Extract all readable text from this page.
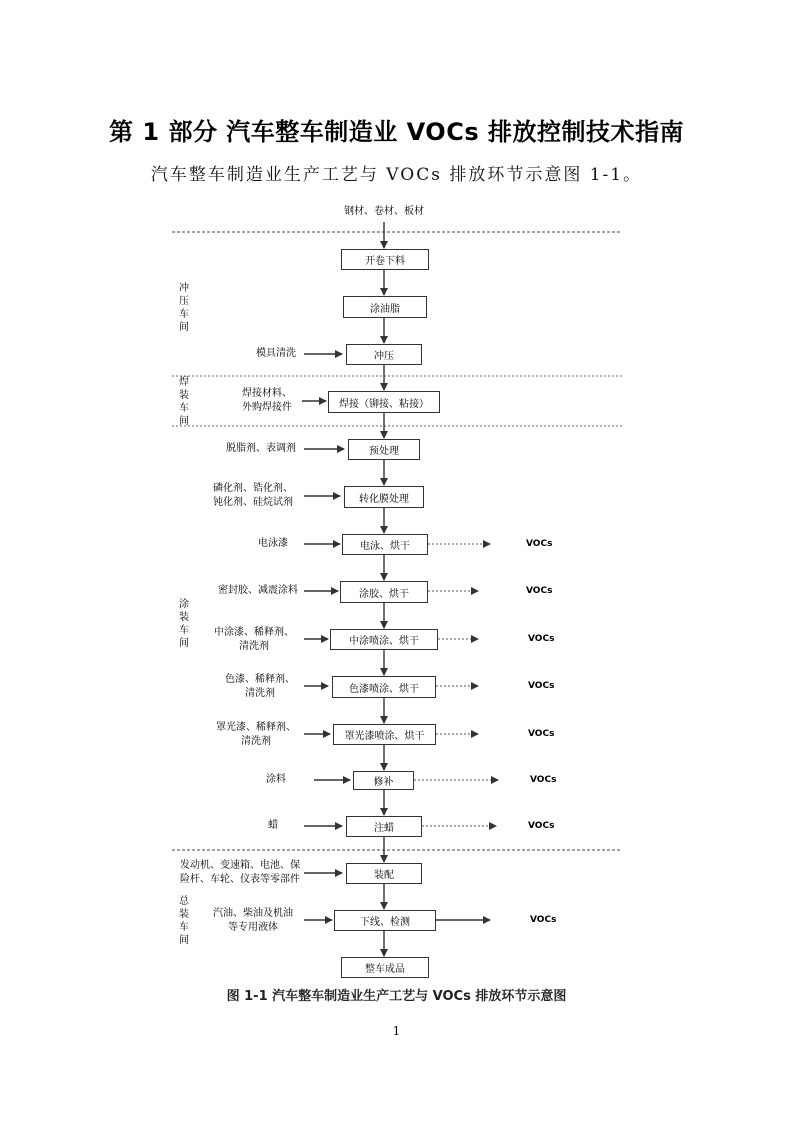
第 1 部分 汽车整车制造业 VOCs 排放控制技术指南
汽车整车制造业生产工艺与 VOCs 排放环节示意图 1-1。
钢材、卷材、板材
开卷下料
涂油脂
冲压
焊接（铆接、粘接）
预处理
转化膜处理
电泳、烘干
涂胶、烘干
中涂喷涂、烘干
色漆喷涂、烘干
罩光漆喷涂、烘干
修补
注蜡
装配
下线、检测
整车成品
模具清洗
焊接材料、
外购焊接件
脱脂剂、表调剂
磷化剂、锆化剂、
钝化剂、硅烷试剂
电泳漆
密封胶、减震涂料
中涂漆、稀释剂、
清洗剂
色漆、稀释剂、
清洗剂
罩光漆、稀释剂、
清洗剂
涂料
蜡
发动机、变速箱、电池、保
险杆、车轮、仪表等零部件
汽油、柴油及机油
等专用液体
VOCs
VOCs
VOCs
VOCs
VOCs
VOCs
VOCs
VOCs
冲
压
车
间
焊
装
车
间
涂
装
车
间
总
装
车
间
图 1-1 汽车整车制造业生产工艺与 VOCs 排放环节示意图
1
